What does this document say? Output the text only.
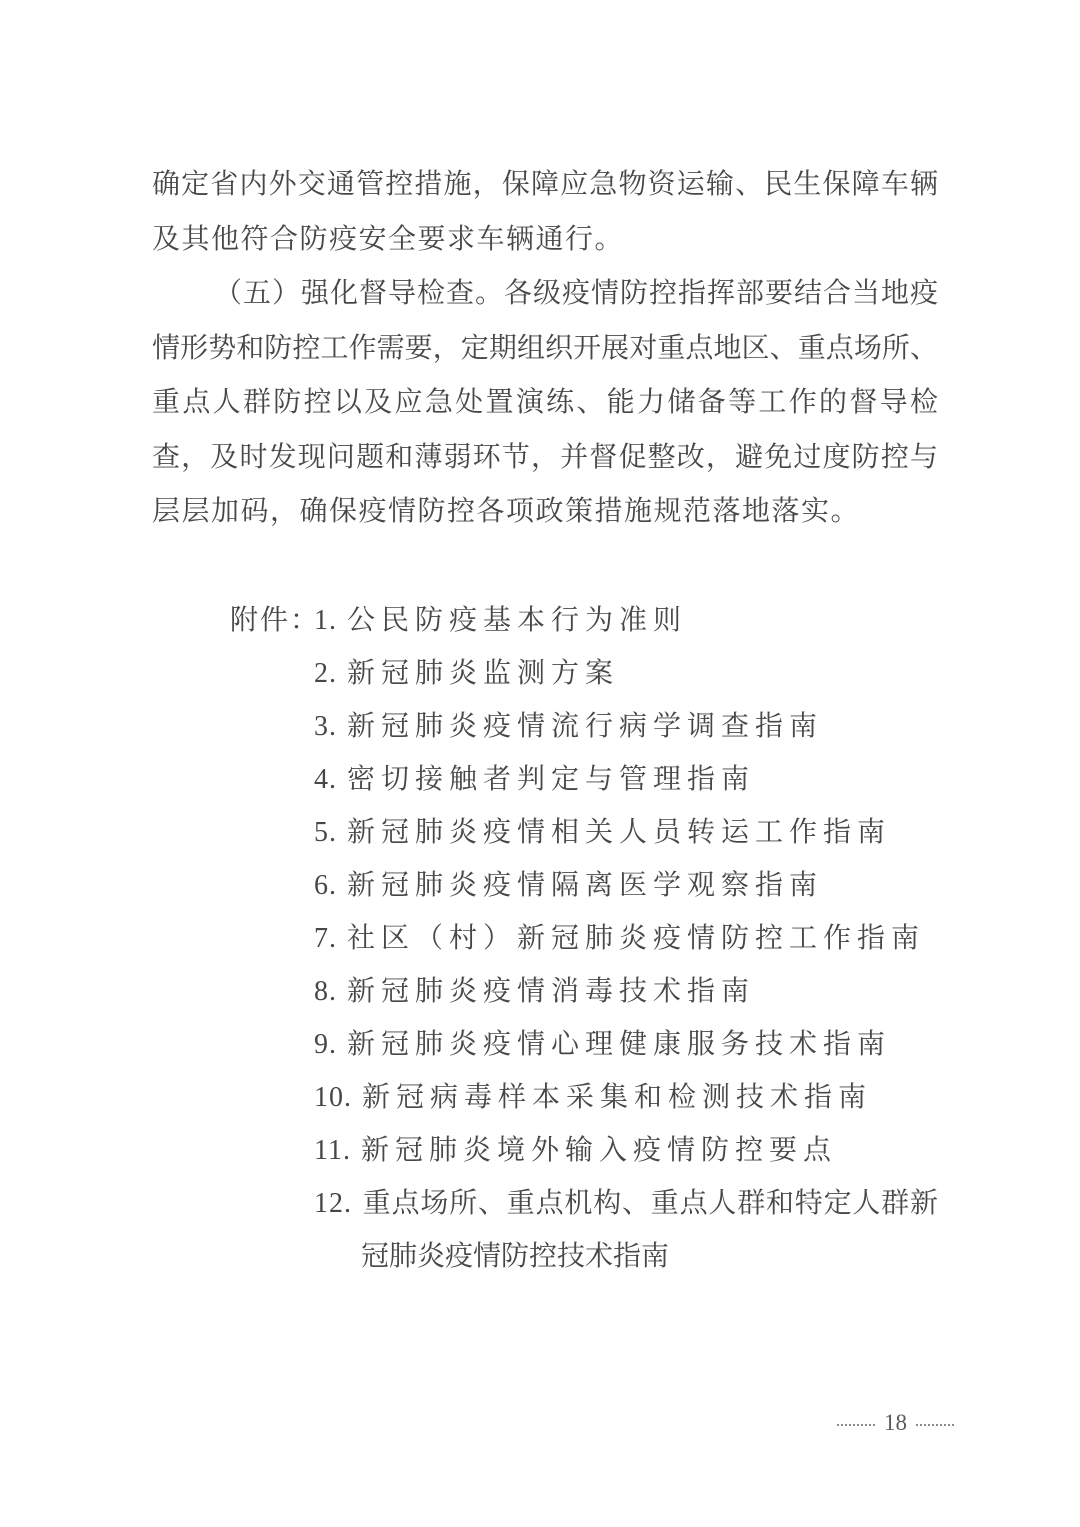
确定省内外交通管控措施，保障应急物资运输、民生保障车辆
及其他符合防疫安全要求车辆通行。
（五）强化督导检查。各级疫情防控指挥部要结合当地疫
情形势和防控工作需要，定期组织开展对重点地区、重点场所、
重点人群防控以及应急处置演练、能力储备等工作的督导检
查，及时发现问题和薄弱环节，并督促整改，避免过度防控与
层层加码，确保疫情防控各项政策措施规范落地落实。
附件：
1. 公民防疫基本行为准则
2. 新冠肺炎监测方案
3. 新冠肺炎疫情流行病学调查指南
4. 密切接触者判定与管理指南
5. 新冠肺炎疫情相关人员转运工作指南
6. 新冠肺炎疫情隔离医学观察指南
7. 社区（村）新冠肺炎疫情防控工作指南
8. 新冠肺炎疫情消毒技术指南
9. 新冠肺炎疫情心理健康服务技术指南
10. 新冠病毒样本采集和检测技术指南
11. 新冠肺炎境外输入疫情防控要点
12. 重点场所、重点机构、重点人群和特定人群新冠肺炎疫情防控技术指南
18
